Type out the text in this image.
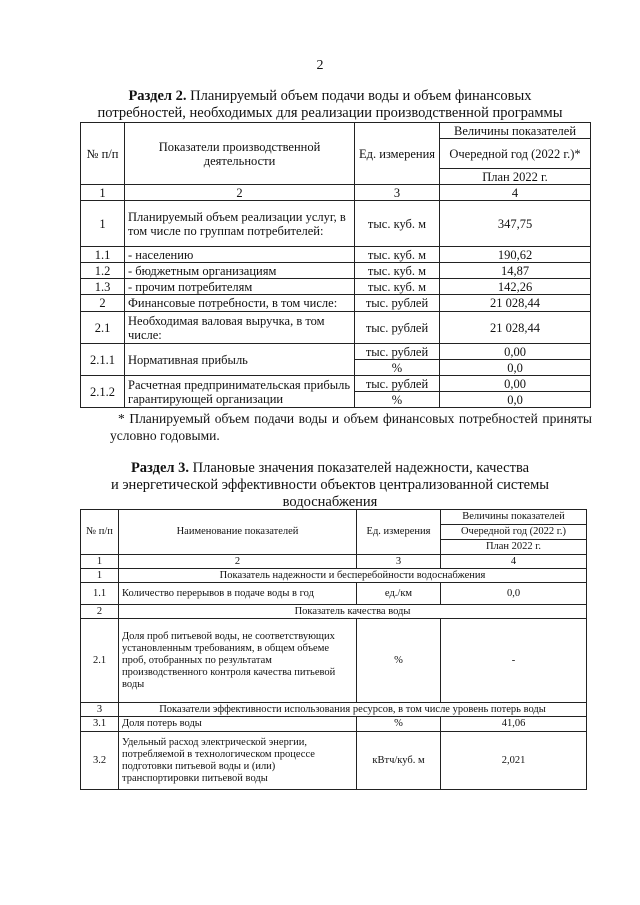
2
Раздел 2. Планируемый объем подачи воды и объем финансовых
потребностей, необходимых для реализации производственной программы
№ п/п	Показатели производственной деятельности	Ед. измерения	Величины показателей
			Очередной год (2022 г.)*
			План 2022 г.
1	2	3	4
1	Планируемый объем реализации услуг, в том числе по группам потребителей:	тыс. куб. м	347,75
1.1	- населению	тыс. куб. м	190,62
1.2	- бюджетным организациям	тыс. куб. м	14,87
1.3	- прочим потребителям	тыс. куб. м	142,26
2	Финансовые потребности, в том числе:	тыс. рублей	21 028,44
2.1	Необходимая валовая выручка, в том числе:	тыс. рублей	21 028,44
2.1.1	Нормативная прибыль	тыс. рублей	0,00
		%	0,0
2.1.2	Расчетная предпринимательская прибыль гарантирующей организации	тыс. рублей	0,00
		%	0,0
* Планируемый объем подачи воды и объем финансовых потребностей приняты условно годовыми.
Раздел 3. Плановые значения показателей надежности, качества
и энергетической эффективности объектов централизованной системы
водоснабжения
№ п/п	Наименование показателей	Ед. измерения	Величины показателей
			Очередной год (2022 г.)
			План 2022 г.
1	2	3	4
1	Показатель надежности и бесперебойности водоснабжения		
1.1	Количество перерывов в подаче воды в год	ед./км	0,0
2	Показатель качества воды		
2.1	Доля проб питьевой воды, не соответствующих установленным требованиям, в общем объеме проб, отобранных по результатам производственного контроля качества питьевой воды	%	-
3	Показатели эффективности использования ресурсов, в том числе уровень потерь воды		
3.1	Доля потерь воды	%	41,06
3.2	Удельный расход электрической энергии, потребляемой в технологическом процессе подготовки питьевой воды и (или) транспортировки питьевой воды	кВтч/куб. м	2,021
